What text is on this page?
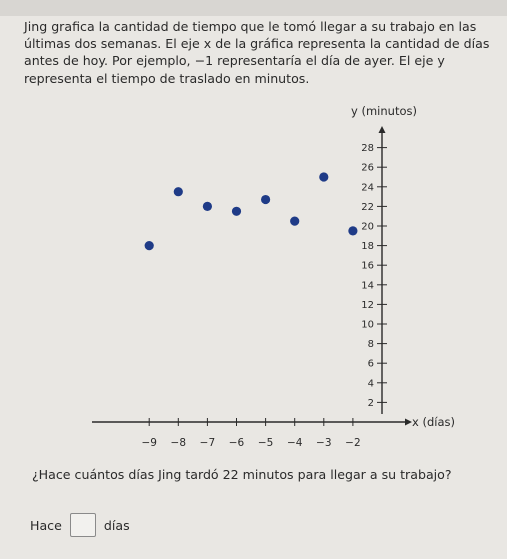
Jing grafica la cantidad de tiempo que le tomó llegar a su trabajo en las últimas dos semanas. El eje x de la gráfica representa la cantidad de días antes de hoy. Por ejemplo, −1 representaría el día de ayer. El eje y representa el tiempo de traslado en minutos.

−9 −8 −7 −6 −5 −4 −3 −2
2
4
6
8
10
12
14
16
18
20
22
24
26
28
y (minutos)
x (días)
¿Hace cuántos días Jing tardó 22 minutos para llegar a su trabajo?
Hace	días
